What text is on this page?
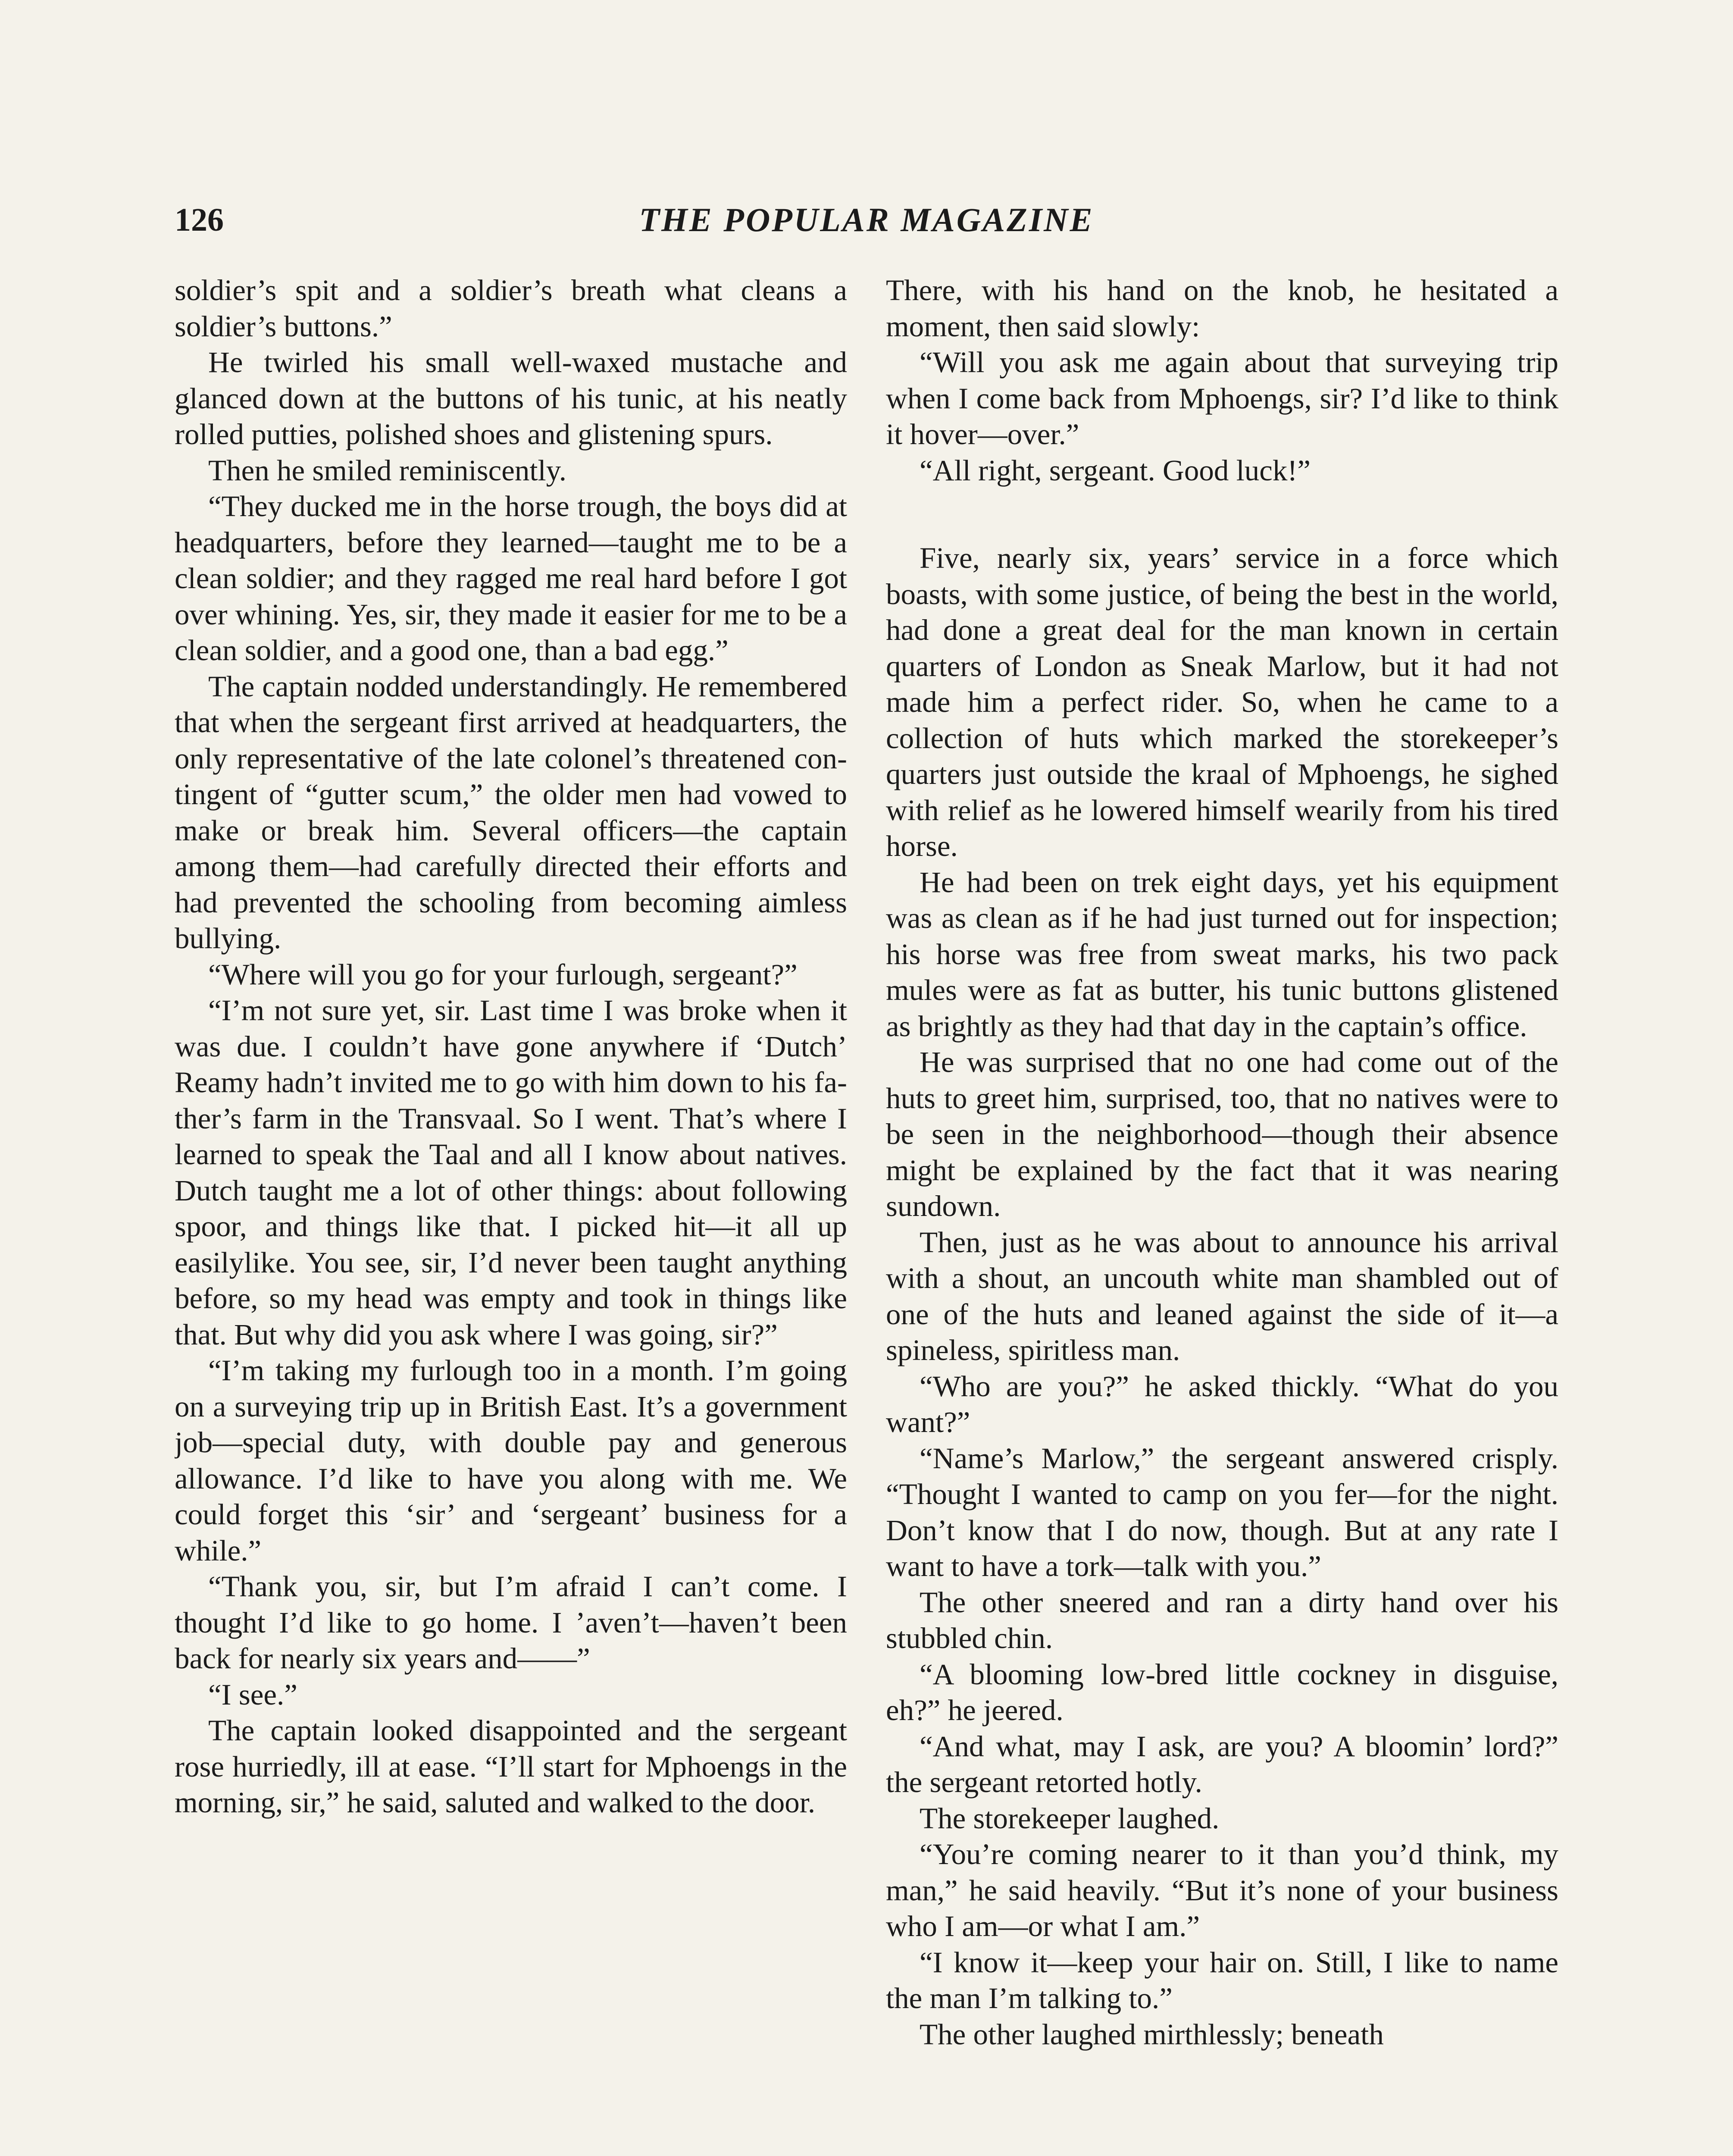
126	THE POPULAR MAGAZINE

soldier’s spit and a soldier’s breath what cleans a soldier’s buttons.”

He twirled his small well-waxed mustache and glanced down at the buttons of his tunic, at his neatly rolled putties, polished shoes and glistening spurs.

Then he smiled reminiscently.

“They ducked me in the horse trough, the boys did at headquarters, before they learned—taught me to be a clean soldier; and they ragged me real hard before I got over whining. Yes, sir, they made it easier for me to be a clean soldier, and a good one, than a bad egg.”

The captain nodded understandingly. He remembered that when the sergeant first arrived at headquarters, the only representative of the late colonel’s threatened contingent of “gutter scum,” the older men had vowed to make or break him. Several officers—the captain among them—had carefully directed their efforts and had prevented the schooling from becoming aimless bullying.

“Where will you go for your furlough, sergeant?”

“I’m not sure yet, sir. Last time I was broke when it was due. I couldn’t have gone anywhere if ‘Dutch’ Reamy hadn’t invited me to go with him down to his father’s farm in the Transvaal. So I went. That’s where I learned to speak the Taal and all I know about natives. Dutch taught me a lot of other things: about following spoor, and things like that. I picked hit—it all up easilylike. You see, sir, I’d never been taught anything before, so my head was empty and took in things like that. But why did you ask where I was going, sir?”

“I’m taking my furlough too in a month. I’m going on a surveying trip up in British East. It’s a government job—special duty, with double pay and generous allowance. I’d like to have you along with me. We could forget this ‘sir’ and ‘sergeant’ business for a while.”

“Thank you, sir, but I’m afraid I can’t come. I thought I’d like to go home. I ’aven’t—haven’t been back for nearly six years and——”

“I see.”

The captain looked disappointed and the sergeant rose hurriedly, ill at ease. “I’ll start for Mphoengs in the morning, sir,” he said, saluted and walked to the door.

There, with his hand on the knob, he hesitated a moment, then said slowly:

“Will you ask me again about that surveying trip when I come back from Mphoengs, sir? I’d like to think it hover—over.”

“All right, sergeant. Good luck!”

Five, nearly six, years’ service in a force which boasts, with some justice, of being the best in the world, had done a great deal for the man known in certain quarters of London as Sneak Marlow, but it had not made him a perfect rider. So, when he came to a collection of huts which marked the storekeeper’s quarters just outside the kraal of Mphoengs, he sighed with relief as he lowered himself wearily from his tired horse.

He had been on trek eight days, yet his equipment was as clean as if he had just turned out for inspection; his horse was free from sweat marks, his two pack mules were as fat as butter, his tunic buttons glistened as brightly as they had that day in the captain’s office.

He was surprised that no one had come out of the huts to greet him, surprised, too, that no natives were to be seen in the neighborhood—though their absence might be explained by the fact that it was nearing sundown.

Then, just as he was about to announce his arrival with a shout, an uncouth white man shambled out of one of the huts and leaned against the side of it—a spineless, spiritless man.

“Who are you?” he asked thickly. “What do you want?”

“Name’s Marlow,” the sergeant answered crisply. “Thought I wanted to camp on you fer—for the night. Don’t know that I do now, though. But at any rate I want to have a tork—talk with you.”

The other sneered and ran a dirty hand over his stubbled chin.

“A blooming low-bred little cockney in disguise, eh?” he jeered.

“And what, may I ask, are you? A bloomin’ lord?” the sergeant retorted hotly.

The storekeeper laughed.

“You’re coming nearer to it than you’d think, my man,” he said heavily. “But it’s none of your business who I am—or what I am.”

“I know it—keep your hair on. Still, I like to name the man I’m talking to.”

The other laughed mirthlessly; beneath
